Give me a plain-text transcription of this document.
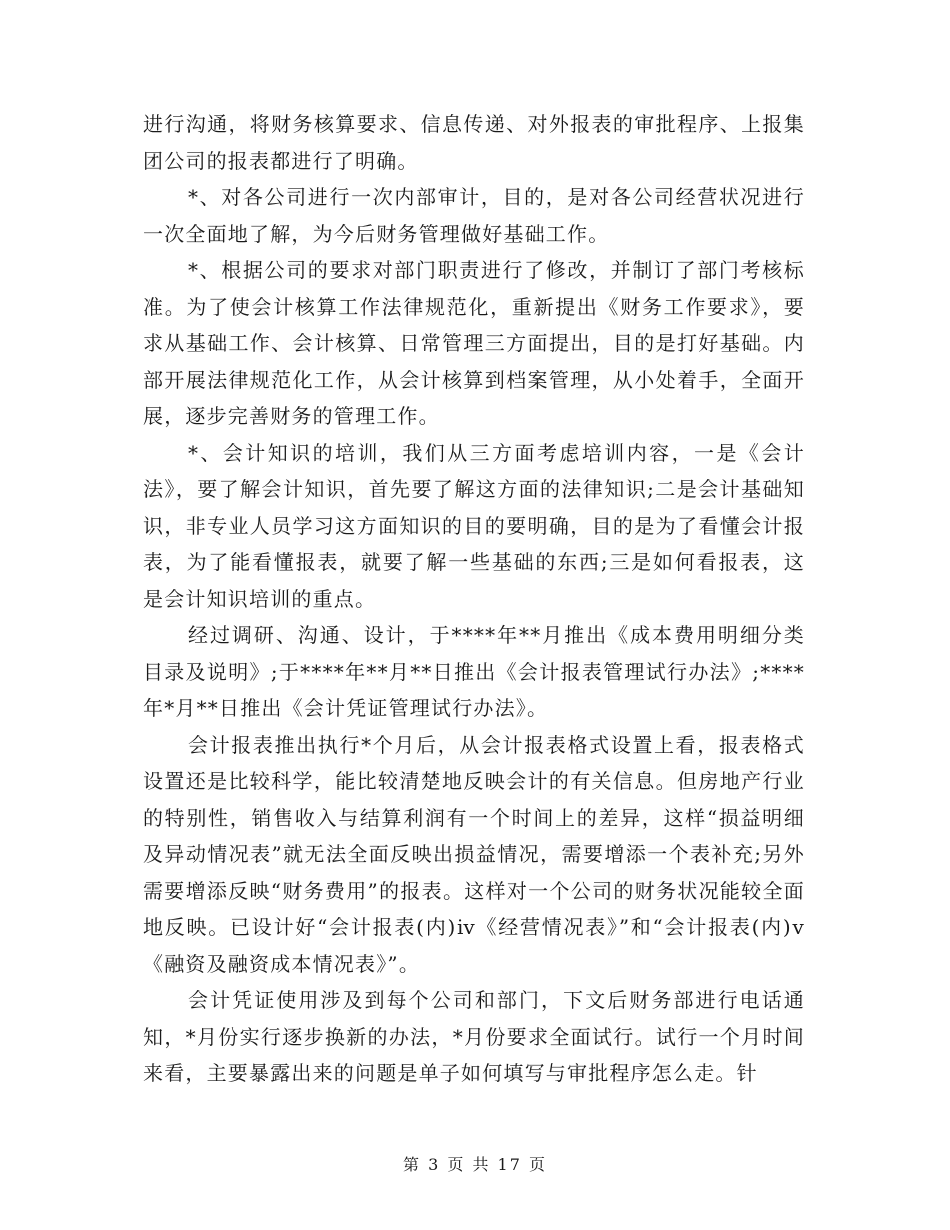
进行沟通，将财务核算要求、信息传递、对外报表的审批程序、上报集团公司的报表都进行了明确。

*、对各公司进行一次内部审计，目的，是对各公司经营状况进行一次全面地了解，为今后财务管理做好基础工作。

*、根据公司的要求对部门职责进行了修改，并制订了部门考核标准。为了使会计核算工作法律规范化，重新提出《财务工作要求》，要求从基础工作、会计核算、日常管理三方面提出，目的是打好基础。内部开展法律规范化工作，从会计核算到档案管理，从小处着手，全面开展，逐步完善财务的管理工作。

*、会计知识的培训，我们从三方面考虑培训内容，一是《会计法》，要了解会计知识，首先要了解这方面的法律知识;二是会计基础知识，非专业人员学习这方面知识的目的要明确，目的是为了看懂会计报表，为了能看懂报表，就要了解一些基础的东西;三是如何看报表，这是会计知识培训的重点。

经过调研、沟通、设计，于****年**月推出《成本费用明细分类目录及说明》;于****年**月**日推出《会计报表管理试行办法》;****年*月**日推出《会计凭证管理试行办法》。

会计报表推出执行*个月后，从会计报表格式设置上看，报表格式设置还是比较科学，能比较清楚地反映会计的有关信息。但房地产行业的特别性，销售收入与结算利润有一个时间上的差异，这样“损益明细及异动情况表”就无法全面反映出损益情况，需要增添一个表补充;另外需要增添反映“财务费用”的报表。这样对一个公司的财务状况能较全面地反映。已设计好“会计报表(内)ⅳ《经营情况表》”和“会计报表(内)ⅴ《融资及融资成本情况表》”。

会计凭证使用涉及到每个公司和部门，下文后财务部进行电话通知，*月份实行逐步换新的办法，*月份要求全面试行。试行一个月时间来看，主要暴露出来的问题是单子如何填写与审批程序怎么走。针

第 3 页 共 17 页
